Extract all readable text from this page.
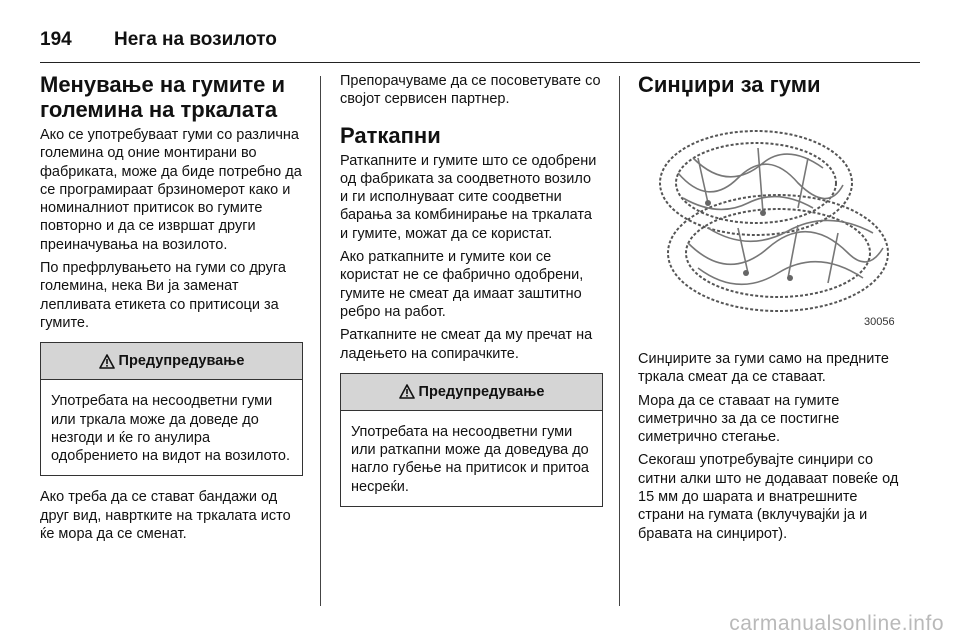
194	Нега на возилото
Менување на гумите и големина на тркалата

Ако се употребуваат гуми со различна големина од оние монтирани во фабриката, може да биде потребно да се програмираат брзиномерот како и номиналниот притисок во гумите повторно и да се извршат други преиначувања на возилото.

По префрлувањето на гуми со друга големина, нека Ви ја заменат лепливата етикета со притисоци за гумите.

Предупредување

Употребата на несоодветни гуми или тркала може да доведе до незгоди и ќе го анулира одобрението на видот на возилото.

Ако треба да се стават бандажи од друг вид, навртките на тркалата исто ќе мора да се сменат.

Препорачуваме да се посоветувате со својот сервисен партнер.

Раткапни

Раткапните и гумите што се одобрени од фабриката за соодветното возило и ги исполнуваат сите соодветни барања за комбинирање на тркалата и гумите, можат да се користат.

Ако раткапните и гумите кои се користат не се фабрично одобрени, гумите не смеат да имаат заштитно ребро на работ.

Раткапните не смеат да му пречат на ладењето на сопирачките.

Предупредување

Употребата на несоодветни гуми или раткапни може да доведува до нагло губење на притисок и притоа несреќи.

Синџири за гуми
30056

Синџирите за гуми само на предните тркала смеат да се ставаат.

Мора да се ставаат на гумите симетрично за да се постигне симетрично стегање.

Секогаш употребувајте синџири со ситни алки што не додаваат повеќе од 15 мм до шарата и внатрешните страни на гумата (вклучувајќи ја и бравата на синџирот).

carmanualsonline.info
